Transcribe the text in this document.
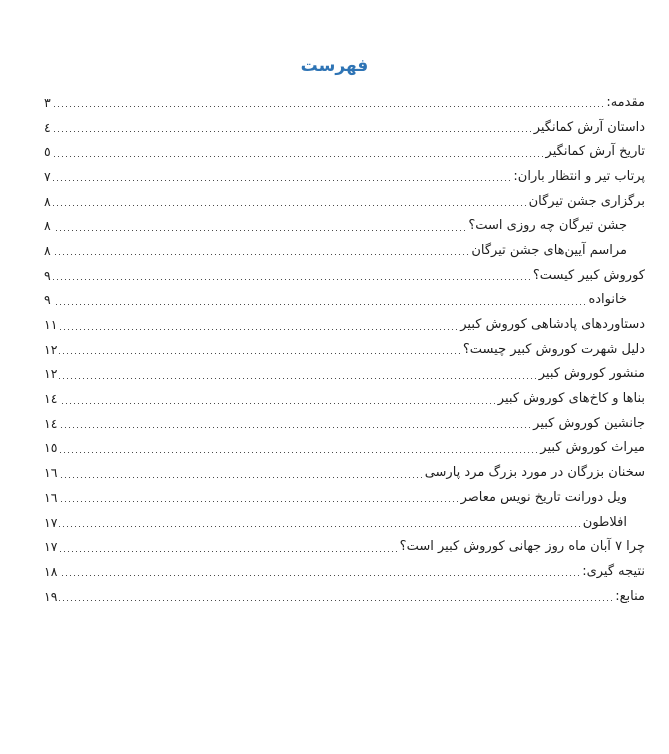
فهرست
مقدمه:
٣
داستان آرش کمانگیر
٤
تاریخ آرش کمانگیر
٥
پرتاب تیر و انتظار باران:
٧
برگزاری جشن تیرگان
٨
جشن تیرگان چه روزی است؟
٨
مراسم آیین‌های جشن تیرگان
٨
کوروش کبیر کیست؟
٩
خانواده
٩
دستاوردهای پادشاهی کوروش کبیر
١١
دلیل شهرت کوروش کبیر چیست؟
١٢
منشور کوروش کبیر
١٢
بناها و کاخ‌های کوروش کبیر
١٤
جانشین کوروش کبیر
١٤
میراث کوروش کبیر
١٥
سخنان بزرگان در مورد بزرگ مرد پارسی
١٦
ویل دورانت تاریخ نویس معاصر
١٦
افلاطون
١٧
چرا ٧ آبان ماه روز جهانی کوروش کبیر است؟
١٧
نتیجه گیری:
١٨
منابع:
١٩
